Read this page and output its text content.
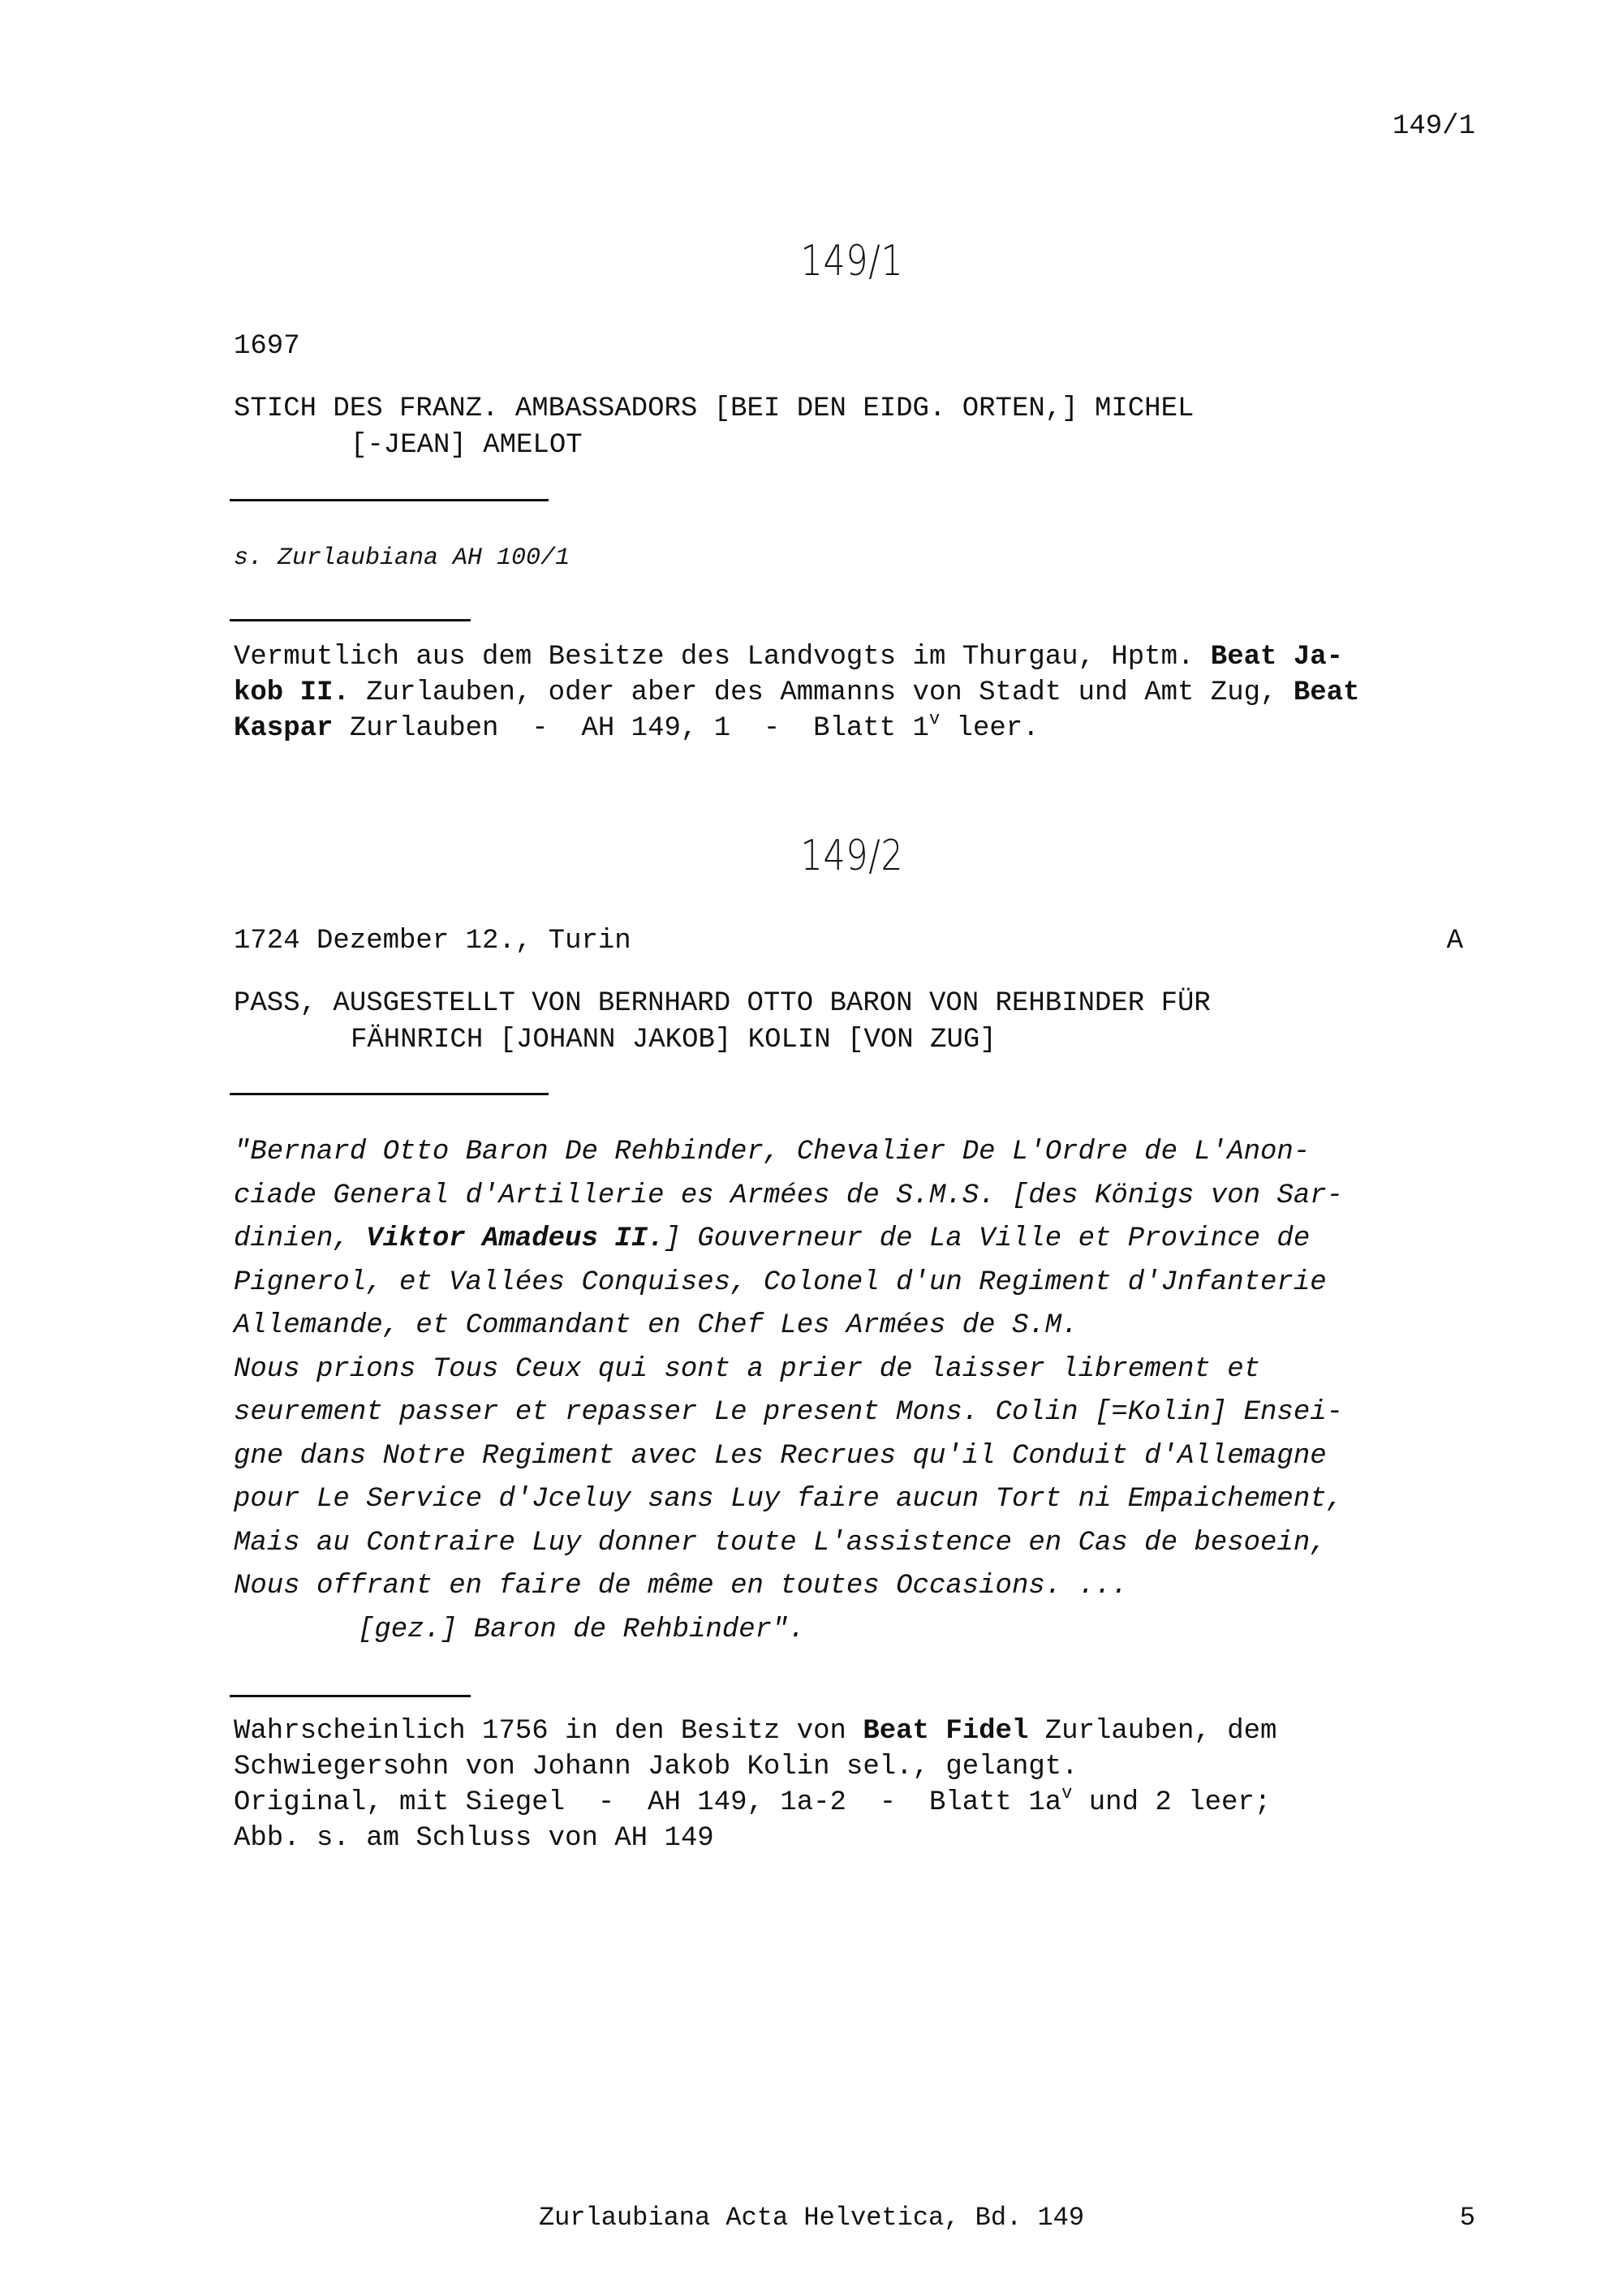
149/1
149/1
1697
STICH DES FRANZ. AMBASSADORS [BEI DEN EIDG. ORTEN,] MICHEL
[-JEAN] AMELOT
s. Zurlaubiana AH 100/1
Vermutlich aus dem Besitze des Landvogts im Thurgau, Hptm. Beat Ja-
kob II. Zurlauben, oder aber des Ammanns von Stadt und Amt Zug, Beat
Kaspar Zurlauben  -  AH 149, 1  -  Blatt 1$^v$ leer.
149/2
1724 Dezember 12., Turin	A
PASS, AUSGESTELLT VON BERNHARD OTTO BARON VON REHBINDER FÜR
FÄHNRICH [JOHANN JAKOB] KOLIN [VON ZUG]
"Bernard Otto Baron De Rehbinder, Chevalier De L'Ordre de L'Anon-
ciade General d'Artillerie es Armées de S.M.S. [des Königs von Sar-
dinien, Viktor Amadeus II.] Gouverneur de La Ville et Province de
Pignerol, et Vallées Conquises, Colonel d'un Regiment d'Jnfanterie
Allemande, et Commandant en Chef Les Armées de S.M.
Nous prions Tous Ceux qui sont a prier de laisser librement et
seurement passer et repasser Le present Mons. Colin [=Kolin] Ensei-
gne dans Notre Regiment avec Les Recrues qu'il Conduit d'Allemagne
pour Le Service d'Jceluy sans Luy faire aucun Tort ni Empaichement,
Mais au Contraire Luy donner toute L'assistence en Cas de besoein,
Nous offrant en faire de même en toutes Occasions. ...
[gez.] Baron de Rehbinder".
Wahrscheinlich 1756 in den Besitz von Beat Fidel Zurlauben, dem
Schwiegersohn von Johann Jakob Kolin sel., gelangt.
Original, mit Siegel  -  AH 149, 1a-2  -  Blatt $1a^v$ und 2 leer;
Abb. s. am Schluss von AH 149
Zurlaubiana Acta Helvetica, Bd. 149	5
